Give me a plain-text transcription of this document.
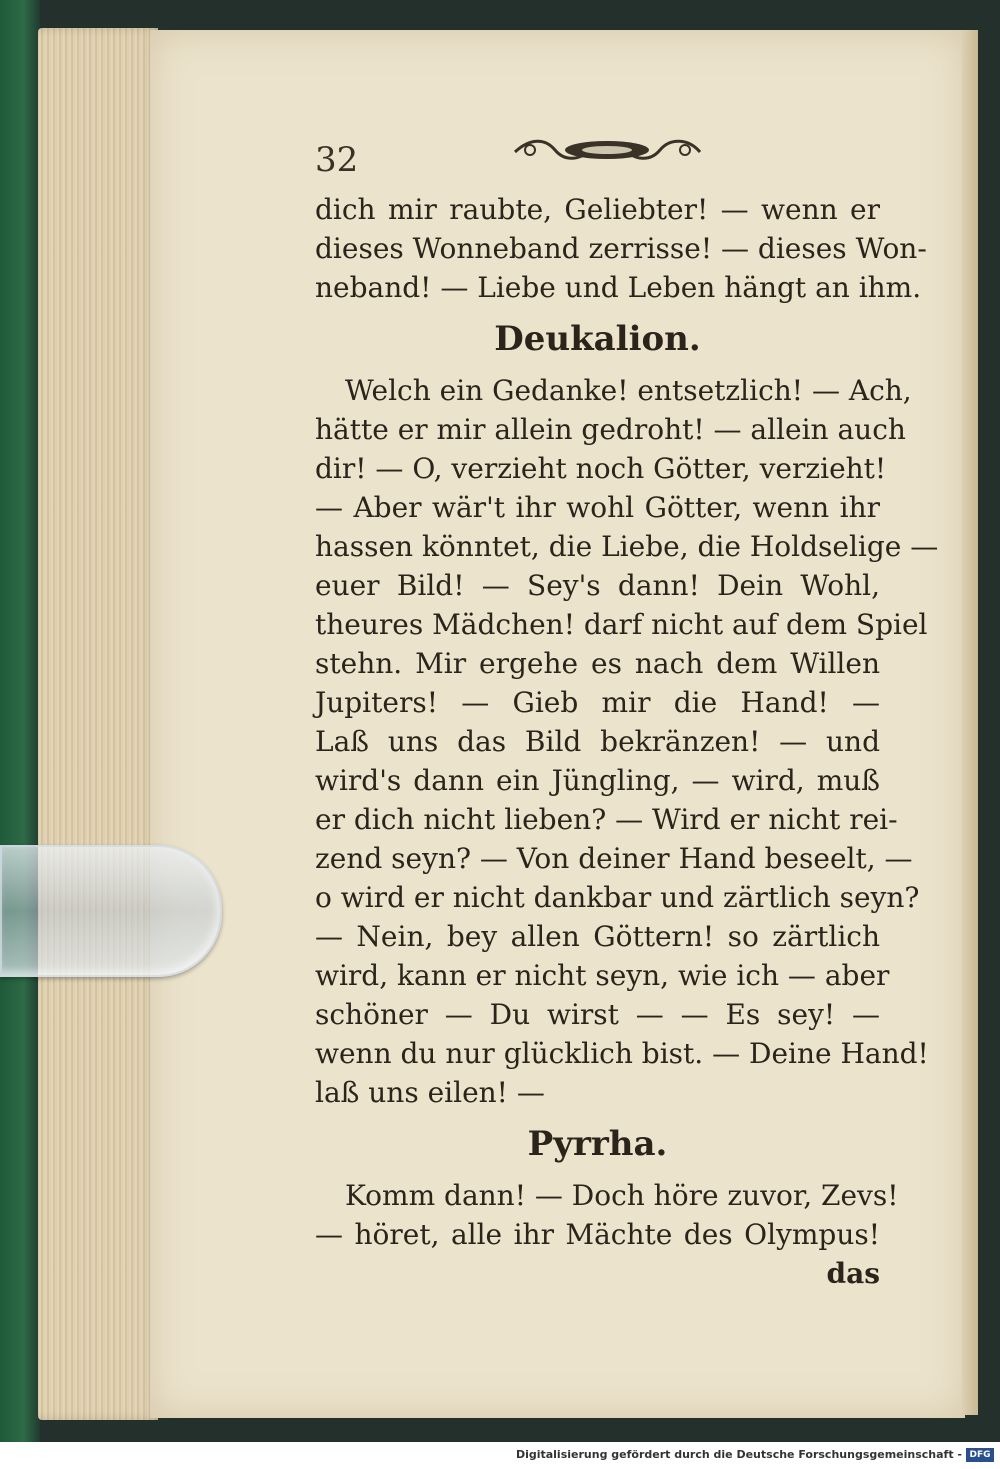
32
dich mir raubte, Geliebter! — wenn er
dieses Wonneband zerrisse! — dieses Won-
neband! — Liebe und Leben hängt an ihm.
Deukalion.
Welch ein Gedanke! entsetzlich! — Ach,
hätte er mir allein gedroht! — allein auch
dir! — O, verzieht noch Götter, verzieht!
— Aber wär't ihr wohl Götter, wenn ihr
hassen könntet, die Liebe, die Holdselige —
euer Bild! — Sey's dann! Dein Wohl,
theures Mädchen! darf nicht auf dem Spiel
stehn. Mir ergehe es nach dem Willen
Jupiters! — Gieb mir die Hand! —
Laß uns das Bild bekränzen! — und
wird's dann ein Jüngling, — wird, muß
er dich nicht lieben? — Wird er nicht rei-
zend seyn? — Von deiner Hand beseelt, —
o wird er nicht dankbar und zärtlich seyn?
— Nein, bey allen Göttern! so zärtlich
wird, kann er nicht seyn, wie ich — aber
schöner — Du wirst — — Es sey! —
wenn du nur glücklich bist. — Deine Hand!
laß uns eilen! —
Pyrrha.
Komm dann! — Doch höre zuvor, Zevs!
— höret, alle ihr Mächte des Olympus!
das
Digitalisierung gefördert durch die Deutsche Forschungsgemeinschaft - DFG
